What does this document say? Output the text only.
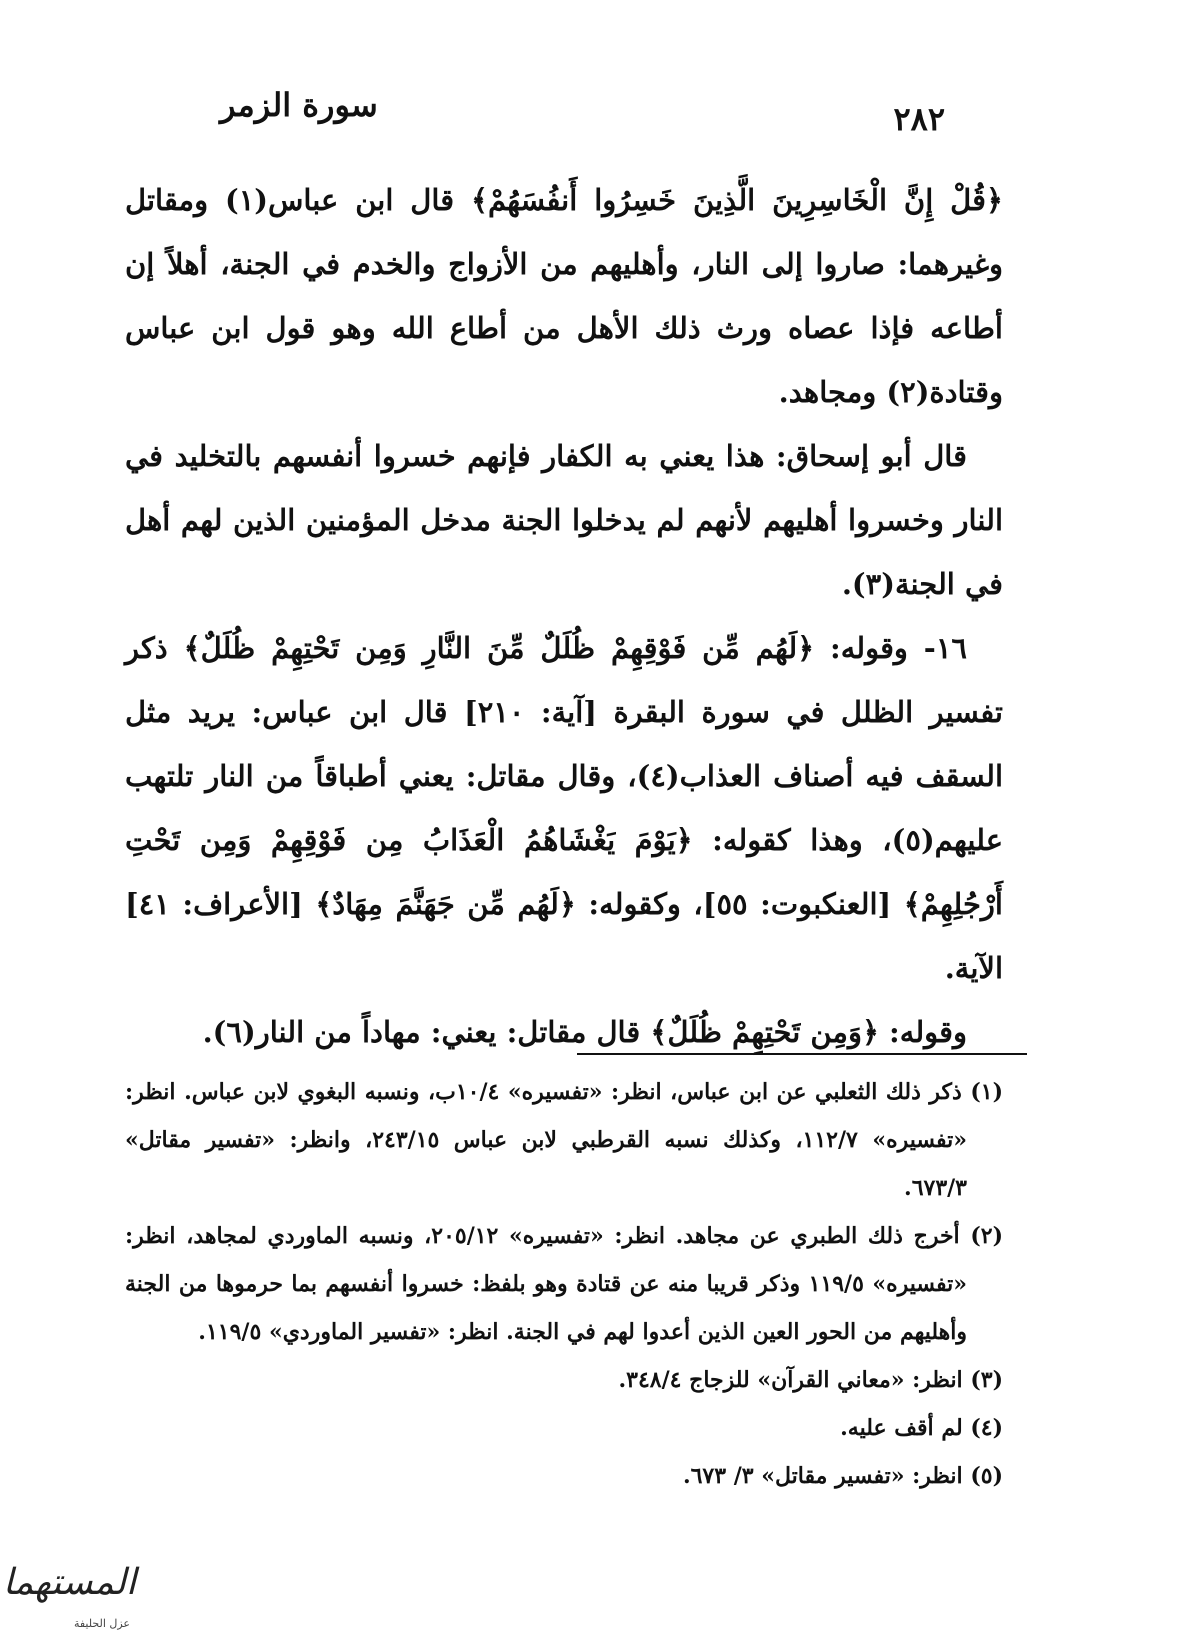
٢٨٢
سورة الزمر

﴿قُلْ إِنَّ الْخَاسِرِينَ الَّذِينَ خَسِرُوا أَنفُسَهُمْ﴾ قال ابن عباس(١) ومقاتل وغيرهما: صاروا إلى النار، وأهليهم من الأزواج والخدم في الجنة، أهلاً إن أطاعه فإذا عصاه ورث ذلك الأهل من أطاع الله وهو قول ابن عباس وقتادة(٢) ومجاهد.

قال أبو إسحاق: هذا يعني به الكفار فإنهم خسروا أنفسهم بالتخليد في النار وخسروا أهليهم لأنهم لم يدخلوا الجنة مدخل المؤمنين الذين لهم أهل في الجنة(٣).

١٦- وقوله: ﴿لَهُم مِّن فَوْقِهِمْ ظُلَلٌ مِّنَ النَّارِ وَمِن تَحْتِهِمْ ظُلَلٌ﴾ ذكر تفسير الظلل في سورة البقرة [آية: ٢١٠] قال ابن عباس: يريد مثل السقف فيه أصناف العذاب(٤)، وقال مقاتل: يعني أطباقاً من النار تلتهب عليهم(٥)، وهذا كقوله: ﴿يَوْمَ يَغْشَاهُمُ الْعَذَابُ مِن فَوْقِهِمْ وَمِن تَحْتِ أَرْجُلِهِمْ﴾ [العنكبوت: ٥٥]، وكقوله: ﴿لَهُم مِّن جَهَنَّمَ مِهَادٌ﴾ [الأعراف: ٤١] الآية.

وقوله: ﴿وَمِن تَحْتِهِمْ ظُلَلٌ﴾ قال مقاتل: يعني: مهاداً من النار(٦).

(١) ذكر ذلك الثعلبي عن ابن عباس، انظر: «تفسيره» ١٠/٤ب، ونسبه البغوي لابن عباس. انظر: «تفسيره» ١١٢/٧، وكذلك نسبه القرطبي لابن عباس ٢٤٣/١٥، وانظر: «تفسير مقاتل» ٦٧٣/٣.

(٢) أخرج ذلك الطبري عن مجاهد. انظر: «تفسيره» ٢٠٥/١٢، ونسبه الماوردي لمجاهد، انظر: «تفسيره» ١١٩/٥ وذكر قريبا منه عن قتادة وهو بلفظ: خسروا أنفسهم بما حرموها من الجنة وأهليهم من الحور العين الذين أعدوا لهم في الجنة. انظر: «تفسير الماوردي» ١١٩/٥.

(٣) انظر: «معاني القرآن» للزجاج ٣٤٨/٤.

(٤) لم أقف عليه.

(٥) انظر: «تفسير مقاتل» ٣/ ٦٧٣.

المستهما
عزل الحليفة
